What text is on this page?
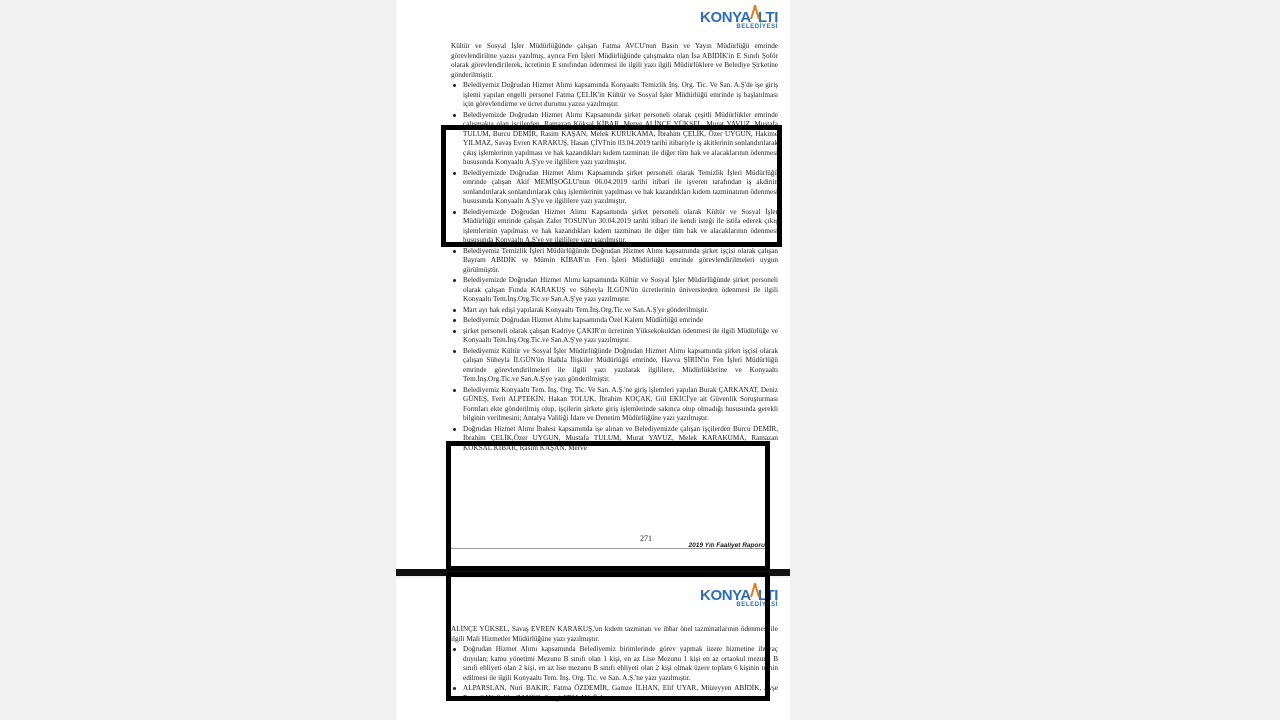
KONYA LTI
BELEDİYESİ

Kültür ve Sosyal İşler Müdürlüğünde çalışan Fatma AVCU'nun Basın ve Yayın Müdürlüğü emrinde görevlendirilme yazısı yazılmış, ayrıca Fen İşleri Müdürlüğünde çalışmakta olan İsa ABİDİK'in E Sınıfı Şoför olarak görevlendirilerek, ücretinin E sınıfından ödenmesi ile ilgili yazı ilgili Müdürlüklere ve Belediye Şirketine gönderilmiştir.

Belediyemiz Doğrudan Hizmet Alımı kapsamında Konyaaltı Temizlik İnş. Org. Tic. Ve San. A.Ş'de işe giriş işlemi yapılan engelli personel Fatma ÇELİK'in Kültür ve Sosyal İşler Müdürlüğü emrinde iş başlatılması için görevlendirme ve ücret durumu yazısı yazılmıştır.
Belediyemizde Doğrudan Hizmet Alımı Kapsamında şirket personeli olarak çeşitli Müdürlükler emrinde çalışmakta olan işçilerden, Ramazan Köksal KİBAR, Merve ALİNÇE YÜKSEL, Murat YAVUZ, Mustafa TULUM, Burcu DEMİR, Rasim KAŞAN, Melek KURUKAMA, İbrahim ÇELİK, Özer UYGUN, Hakime YILMAZ, Savaş Evren KARAKUŞ, Hasan ÇİVİ'nin 03.04.2019 tarihi itibariyle iş akitlerinin sonlandırılarak çıkış işlemlerinin yapılması ve hak kazandıkları kıdem tazminatı ile diğer tüm hak ve alacaklarının ödenmesi hususunda Konyaaltı A.Ş'ye ve ilgililere yazı yazılmıştır.
Belediyemizde Doğrudan Hizmet Alımı Kapsamında şirket personeli olarak Temizlik İşleri Müdürlüğü emrinde çalışan Akif MEMİŞOĞLU'nun 06.04.2019 tarihi itibari ile işveren tarafından iş akdinin sonlandırılarak sonlandırılarak çıkış işlemlerinin yapılması ve hak kazandıkları kıdem tazminatının ödenmesi hususunda Konyaaltı A.Ş'ye ve ilgililere yazı yazılmıştır.
Belediyemizde Doğrudan Hizmet Alımı Kapsamında şirket personeli olarak Kültür ve Sosyal İşler Müdürlüğü emrinde çalışan Zafer TOSUN'un 30.04.2019 tarihi itibari ile kendi isteği ile istifa ederek çıkış işlemlerinin yapılması ve hak kazandıkları kıdem tazminatı ile diğer tüm hak ve alacaklarının ödenmesi hususunda Konyaaltı A.Ş'ye ve ilgililere yazı yazılmıştır.
Belediyemiz Temizlik İşleri Müdürlüğünde Doğrudan Hizmet Alımı kapsamında şirket işçisi olarak çalışan Bayram ABİDİK ve Mümin KİBAR'ın Fen İşleri Müdürlüğü emrinde görevlendirilmeleri uygun görülmüştür.
Belediyemizde Doğrudan Hizmet Alımı kapsamında Kültür ve Sosyal İşler Müdürlüğünde şirket personeli olarak çalışan Funda KARAKUŞ ve Süheyla İLGÜN'ün ücretlerinin üniversiteden ödenmesi ile ilgili Konyaaltı Tem.İnş.Org.Tic.ve San.A.Ş'ye yazı yazılmıştır.
Mart ayı hak edişi yapılarak Konyaaltı Tem.İnş.Org.Tic.ve San.A.Ş'ye gönderilmiştir.
Belediyemiz Doğrudan Hizmet Alımı kapsamında Özel Kalem Müdürlüğü emrinde
şirket personeli olarak çalışan Kadriye ÇAKIR'ın ücretinin Yüksekokuldan ödenmesi ile ilgili Müdürlüğe ve Konyaaltı Tem.İnş.Org.Tic.ve San.A.Ş'ye yazı yazılmıştır.
Belediyemiz Kültür ve Sosyal İşler Müdürlüğünde Doğrudan Hizmet Alımı kapsamında şirket işçisi olarak çalışan Süheyla İLGÜN'ün Halkla İlişkiler Müdürlüğü emrinde, Havva ŞİRİN'in Fen İşleri Müdürlüğü emrinde görevlendirilmeleri ile ilgili yazı yazılarak ilgililere, Müdürlüklerine ve Konyaaltı Tem.İnş.Org.Tic.ve San.A.Ş'ye yazı gönderilmiştir.
Belediyemiz Konyaaltı Tem. İnş. Org. Tic. Ve San. A.Ş.'ne giriş işlemleri yapılan Burak ÇARKANAT, Deniz GÜNEŞ, Ferit ALPTEKİN, Hakan TOLUK, İbrahim KOÇAK, Gül EKİCİ'ye ait Güvenlik Soruşturması Formları ekte gönderilmiş olup, işçilerin şirkete giriş işlemlerinde sakınca olup olmadığı hususunda gerekli bilginin verilmesini; Antalya Valiliği İdare ve Denetim Müdürlüğüne yazı yazılmıştır.
Doğrudan Hizmet Alımı İhalesi kapsamında işe alınan ve Belediyemizde çalışan işçilerden Burcu DEMİR, İbrahim ÇELİK,Özer UYGUN, Mustafa TULUM, Murat YAVUZ, Melek KARAKUMA, Ramazan KÖKSAL KİBAR, Rasim KAŞAN, Merve
271
2019 Yılı Faaliyet Raporu
KONYA LTI
BELEDİYESİ

ALİNÇE YÜKSEL, Savaş EVREN KARAKUŞ,'un kıdem tazminatı ve ihbar önel tazminatlarının ödenmesi ile ilgili Mali Hizmetler Müdürlüğüne yazı yazılmıştır.

Doğrudan Hizmet Alımı kapsamında Belediyemiz birimlerinde görev yapmak üzere hizmetine ihtiyaç duyulan; kamu yönetimi Mezunu B sınıfı olan 1 kişi, en az Lise Mezunu 1 kişi en az ortaokul mezunu B sınıfı ehliyeti olan 2 kişi, en az lise mezunu B sınıfı ehliyeti olan 2 kişi olmak üzere toplam 6 kişinin temin edilmesi ile ilgili Konyaaltı Tem. İnş. Org. Tic. ve San. A.Ş.'ne yazı yazılmıştır.
ALPARSLAN, Nuri BAKIR, Fatma ÖZDEMİR, Gamze İLHAN, Elif UYAR, Müzeyyen ABİDİK, Ayşe Pınar SAY, Saliha ZANCO, Sevgi ATALAY, Özlem
